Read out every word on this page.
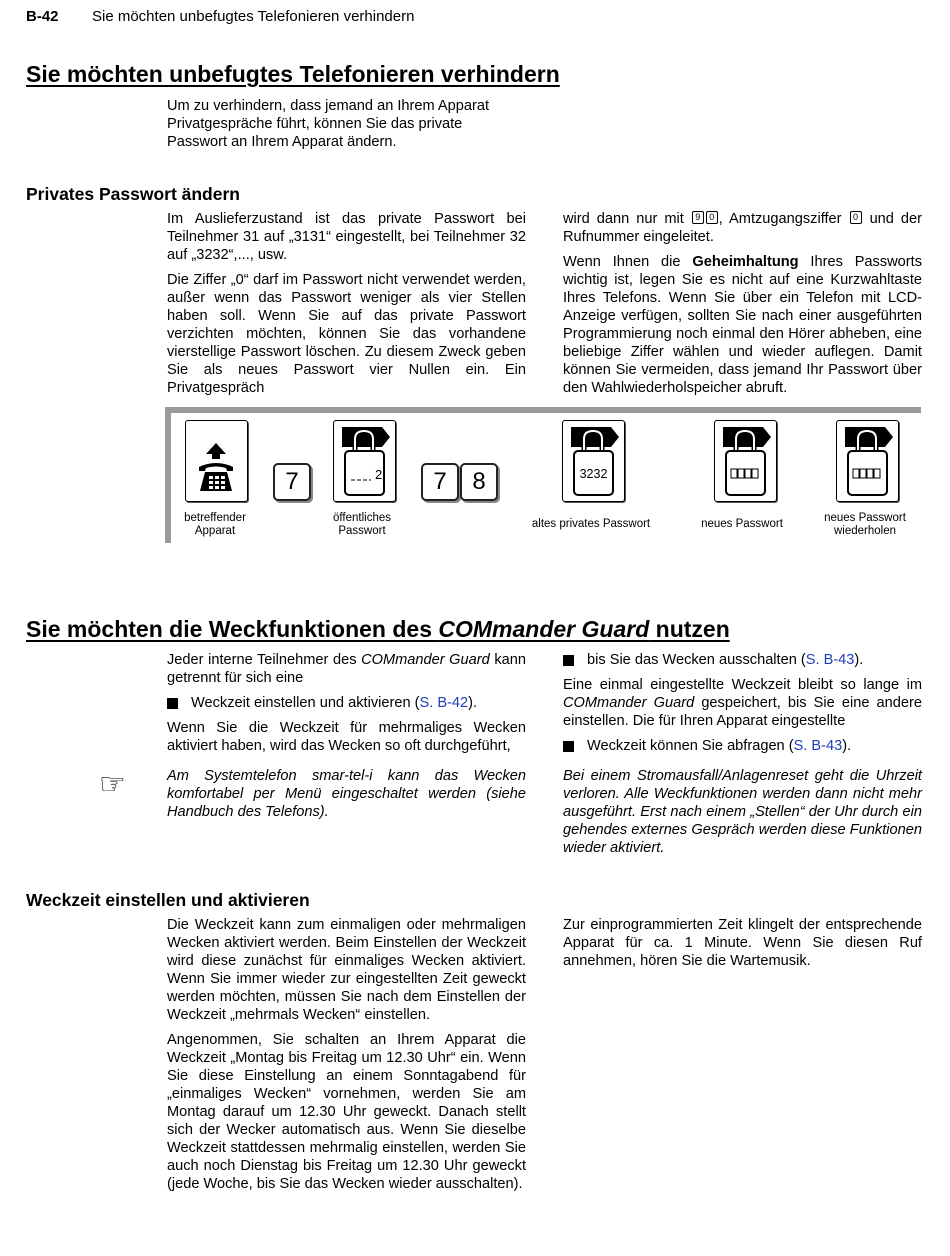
B-42 Sie möchten unbefugtes Telefonieren verhindern
Sie möchten unbefugtes Telefonieren verhindern

Um zu verhindern, dass jemand an Ihrem Apparat Privatgespräche führt, können Sie das private Passwort an Ihrem Apparat ändern.

Privates Passwort ändern

Im Auslieferzustand ist das private Passwort bei Teilnehmer 31 auf „3131“ eingestellt, bei Teilnehmer 32 auf „3232“,..., usw.

Die Ziffer „0“ darf im Passwort nicht verwendet werden, außer wenn das Passwort weniger als vier Stellen haben soll. Wenn Sie auf das private Passwort verzichten möchten, können Sie das vorhandene vierstellige Passwort löschen. Zu diesem Zweck geben Sie als neues Passwort vier Nullen ein. Ein Privatgespräch

wird dann nur mit 9 0 , Amtzugangsziffer 0 und der Rufnummer eingeleitet.

Wenn Ihnen die Geheimhaltung Ihres Passworts wichtig ist, legen Sie es nicht auf eine Kurzwahltaste Ihres Telefons. Wenn Sie über ein Telefon mit LCD-Anzeige verfügen, sollten Sie nach einer ausgeführten Programmierung noch einmal den Hörer abheben, eine beliebige Ziffer wählen und wieder auflegen. Damit können Sie vermeiden, dass jemand Ihr Passwort über den Wahlwiederholspeicher abruft.

7	2	7	8	3232
betreffender
Apparat
öffentliches
Passwort
altes privates Passwort	neues Passwort	neues Passwort
wiederholen
Sie möchten die Weckfunktionen des COMmander Guard nutzen

Jeder interne Teilnehmer des COMmander Guard kann getrennt für sich eine

Weckzeit einstellen und aktivieren (S. B-42).

Wenn Sie die Weckzeit für mehrmaliges Wecken aktiviert haben, wird das Wecken so oft durchgeführt,

bis Sie das Wecken ausschalten (S. B-43).

Eine einmal eingestellte Weckzeit bleibt so lange im COMmander Guard gespeichert, bis Sie eine andere einstellen. Die für Ihren Apparat eingestellte

Weckzeit können Sie abfragen (S. B-43).

☞	Am Systemtelefon smar-tel-i kann das Wecken komfortabel per Menü eingeschaltet werden (siehe Handbuch des Telefons).

Bei einem Stromausfall/Anlagenreset geht die Uhrzeit verloren. Alle Weckfunktionen werden dann nicht mehr ausgeführt. Erst nach einem „Stellen“ der Uhr durch ein gehendes externes Gespräch werden diese Funktionen wieder aktiviert.

Weckzeit einstellen und aktivieren

Die Weckzeit kann zum einmaligen oder mehrmaligen Wecken aktiviert werden. Beim Einstellen der Weckzeit wird diese zunächst für einmaliges Wecken aktiviert. Wenn Sie immer wieder zur eingestellten Zeit geweckt werden möchten, müssen Sie nach dem Einstellen der Weckzeit „mehrmals Wecken“ einstellen.

Angenommen, Sie schalten an Ihrem Apparat die Weckzeit „Montag bis Freitag um 12.30 Uhr“ ein. Wenn Sie diese Einstellung an einem Sonntagabend für „einmaliges Wecken“ vornehmen, werden Sie am Montag darauf um 12.30 Uhr geweckt. Danach stellt sich der Wecker automatisch aus. Wenn Sie dieselbe Weckzeit stattdessen mehrmalig einstellen, werden Sie auch noch Dienstag bis Freitag um 12.30 Uhr geweckt (jede Woche, bis Sie das Wecken wieder ausschalten).

Zur einprogrammierten Zeit klingelt der entsprechende Apparat für ca. 1 Minute. Wenn Sie diesen Ruf annehmen, hören Sie die Wartemusik.
